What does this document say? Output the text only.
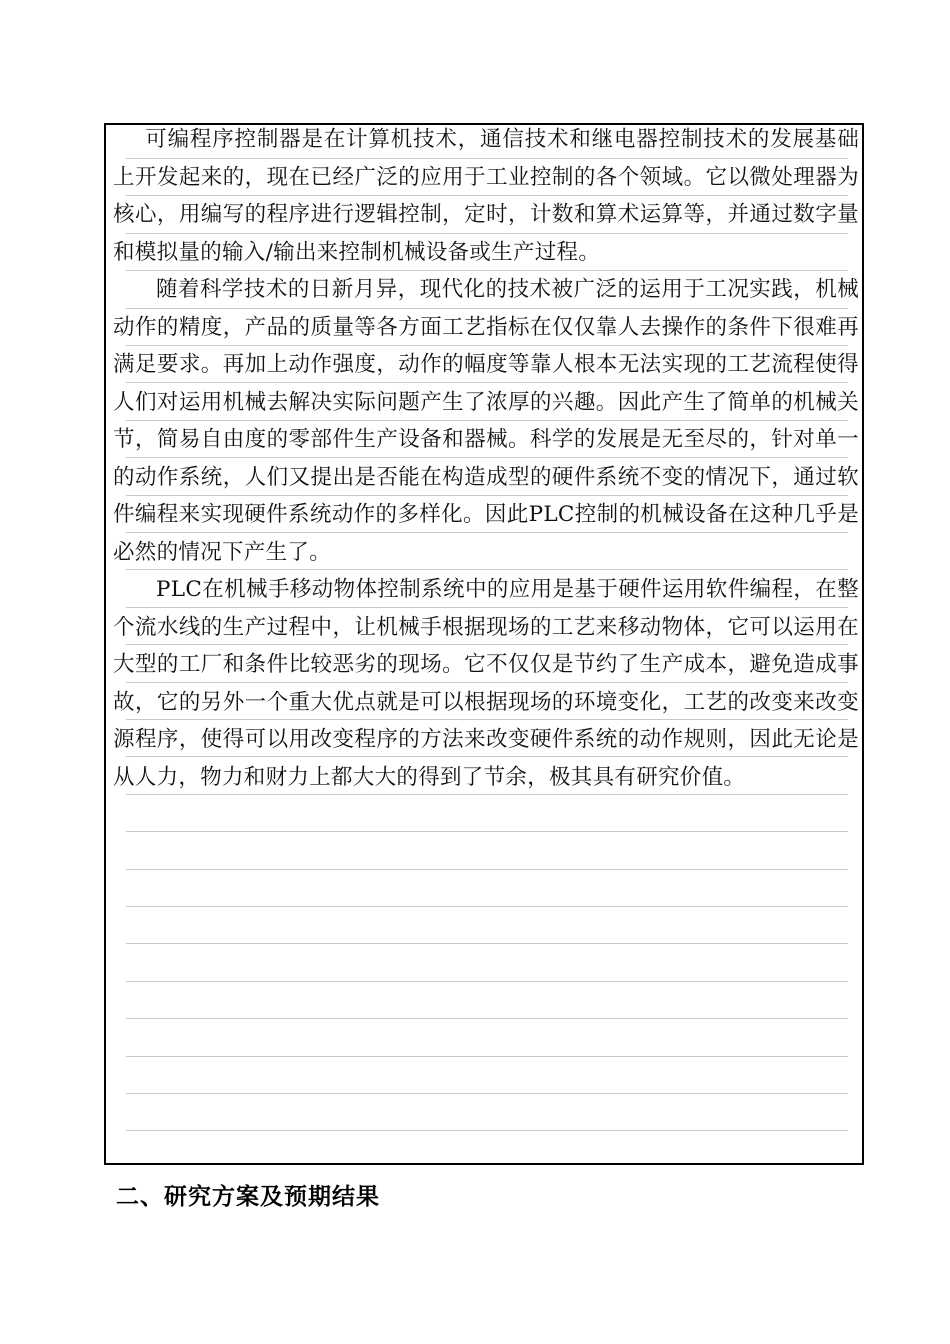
可编程序控制器是在计算机技术，通信技术和继电器控制技术的发展基础上开发起来的，现在已经广泛的应用于工业控制的各个领域。它以微处理器为核心，用编写的程序进行逻辑控制，定时，计数和算术运算等，并通过数字量和模拟量的输入/输出来控制机械设备或生产过程。

随着科学技术的日新月异，现代化的技术被广泛的运用于工况实践，机械动作的精度，产品的质量等各方面工艺指标在仅仅靠人去操作的条件下很难再满足要求。再加上动作强度，动作的幅度等靠人根本无法实现的工艺流程使得人们对运用机械去解决实际问题产生了浓厚的兴趣。因此产生了简单的机械关节，简易自由度的零部件生产设备和器械。科学的发展是无至尽的，针对单一的动作系统，人们又提出是否能在构造成型的硬件系统不变的情况下，通过软件编程来实现硬件系统动作的多样化。因此PLC控制的机械设备在这种几乎是必然的情况下产生了。

PLC在机械手移动物体控制系统中的应用是基于硬件运用软件编程，在整个流水线的生产过程中，让机械手根据现场的工艺来移动物体，它可以运用在大型的工厂和条件比较恶劣的现场。它不仅仅是节约了生产成本，避免造成事故，它的另外一个重大优点就是可以根据现场的环境变化，工艺的改变来改变源程序，使得可以用改变程序的方法来改变硬件系统的动作规则，因此无论是从人力，物力和财力上都大大的得到了节余，极其具有研究价值。

二、研究方案及预期结果
